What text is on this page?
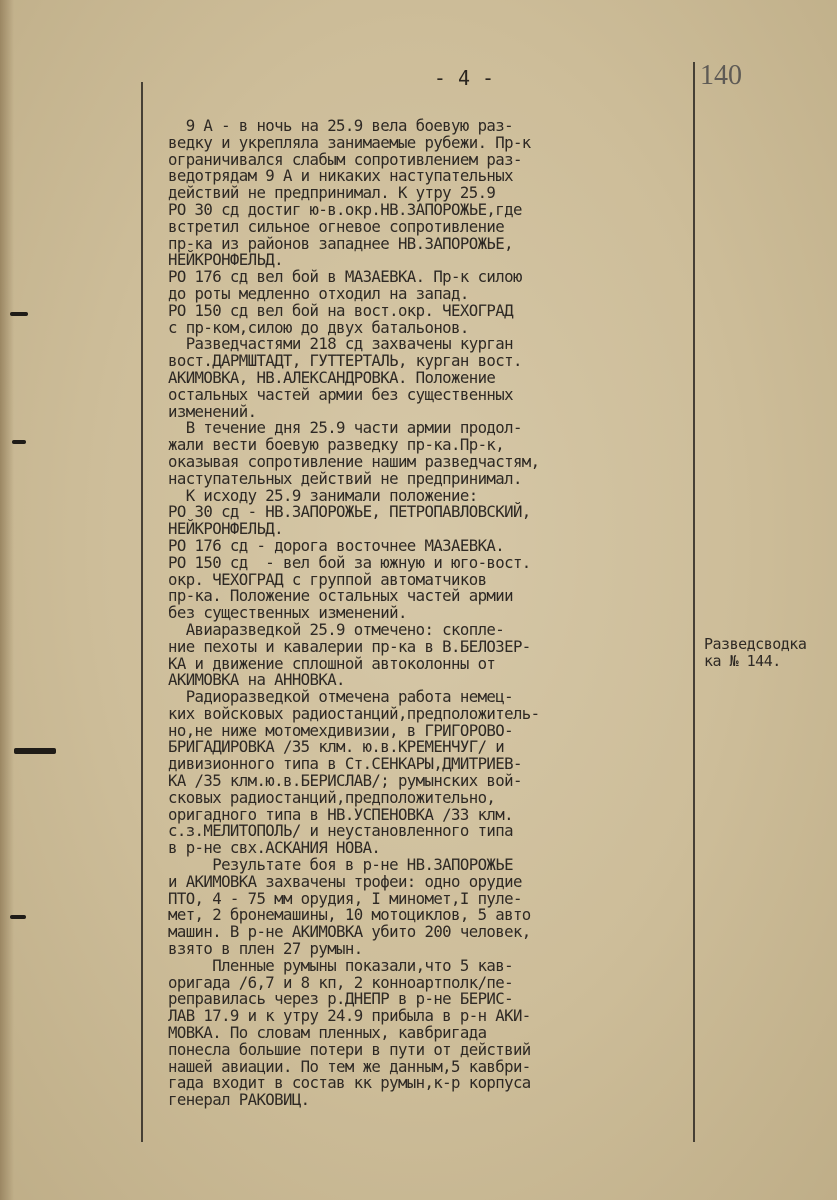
- 4 -	140
9 А - в ночь на 25.9 вела боевую раз-
ведку и укрепляла занимаемые рубежи. Пр-к
ограничивался слабым сопротивлением раз-
ведотрядам 9 А и никаких наступательных
действий не предпринимал. К утру 25.9
РО 30 сд достиг ю-в.окр.НВ.ЗАПОРОЖЬЕ,где
встретил сильное огневое сопротивление
пр-ка из районов западнее НВ.ЗАПОРОЖЬЕ,
НЕЙКРОНФЕЛЬД.
РО 176 сд вел бой в МАЗАЕВКА. Пр-к силою
до роты медленно отходил на запад.
РО 150 сд вел бой на вост.окр. ЧЕХОГРАД
с пр-ком,силою до двух батальонов.
Разведчастями 218 сд захвачены курган
вост.ДАРМШТАДТ, ГУТТЕРТАЛЬ, курган вост.
АКИМОВКА, НВ.АЛЕКСАНДРОВКА. Положение
остальных частей армии без существенных
изменений.
В течение дня 25.9 части армии продол-
жали вести боевую разведку пр-ка.Пр-к,
оказывая сопротивление нашим разведчастям,
наступательных действий не предпринимал.
К исходу 25.9 занимали положение:
РО 30 сд - НВ.ЗАПОРОЖЬЕ, ПЕТРОПАВЛОВСКИЙ,
НЕЙКРОНФЕЛЬД.
РО 176 сд - дорога восточнее МАЗАЕВКА.
РО 150 сд  - вел бой за южную и юго-вост.
окр. ЧЕХОГРАД с группой автоматчиков
пр-ка. Положение остальных частей армии
без существенных изменений.
Авиаразведкой 25.9 отмечено: скопле-
ние пехоты и кавалерии пр-ка в В.БЕЛОЗЕР-
КА и движение сплошной автоколонны от
АКИМОВКА на АННОВКА.
Радиоразведкой отмечена работа немец-
ких войсковых радиостанций,предположитель-
но,не ниже мотомехдивизии, в ГРИГОРОВО-
БРИГАДИРОВКА /35 клм. ю.в.КРЕМЕНЧУГ/ и
дивизионного типа в Ст.СЕНКАРЫ,ДМИТРИЕВ-
КА /35 клм.ю.в.БЕРИСЛАВ/; румынских вой-
сковых радиостанций,предположительно,
оригадного типа в НВ.УСПЕНОВКА /33 клм.
с.з.МЕЛИТОПОЛЬ/ и неустановленного типа
в р-не свх.АСКАНИЯ НОВА.
Результате боя в р-не НВ.ЗАПОРОЖЬЕ
и АКИМОВКА захвачены трофеи: одно орудие
ПТО, 4 - 75 мм орудия, I миномет,I пуле-
мет, 2 бронемашины, 10 мотоциклов, 5 авто
машин. В р-не АКИМОВКА убито 200 человек,
взято в плен 27 румын.
Пленные румыны показали,что 5 кав-
оригада /6,7 и 8 кп, 2 конноартполк/пе-
реправилась через р.ДНЕПР в р-не БЕРИС-
ЛАВ 17.9 и к утру 24.9 прибыла в р-н АКИ-
МОВКА. По словам пленных, кавбригада
понесла большие потери в пути от действий
нашей авиации. По тем же данным,5 кавбри-
гада входит в состав кк румын,к-р корпуса
генерал РАКОВИЦ.
Разведсводка
ка № 144.
